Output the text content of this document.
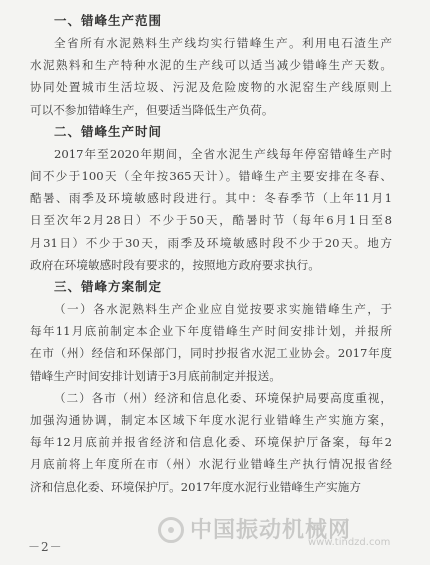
一、错峰生产范围
全省所有水泥熟料生产线均实行错峰生产。利用电石渣生产
水泥熟料和生产特种水泥的生产线可以适当减少错峰生产天数。
协同处置城市生活垃圾、污泥及危险废物的水泥窑生产线原则上
可以不参加错峰生产，但要适当降低生产负荷。
二、错峰生产时间
2017年至2020年期间，全省水泥生产线每年停窑错峰生产时
间不少于100天（全年按365天计）。错峰生产主要安排在冬春、
酷暑、雨季及环境敏感时段进行。其中：冬春季节（上年11月1
日至次年2月28日）不少于50天，酷暑时节（每年6月1日至8
月31日）不少于30天，雨季及环境敏感时段不少于20天。地方
政府在环境敏感时段有要求的，按照地方政府要求执行。
三、错峰方案制定
（一）各水泥熟料生产企业应自觉按要求实施错峰生产，于
每年11月底前制定本企业下年度错峰生产时间安排计划，并报所
在市（州）经信和环保部门，同时抄报省水泥工业协会。2017年度
错峰生产时间安排计划请于3月底前制定并报送。
（二）各市（州）经济和信息化委、环境保护局要高度重视，
加强沟通协调，制定本区域下年度水泥行业错峰生产实施方案，
每年12月底前并报省经济和信息化委、环境保护厅备案，每年2
月底前将上年度所在市（州）水泥行业错峰生产执行情况报省经
济和信息化委、环境保护厅。2017年度水泥行业错峰生产实施方
－2－
中国振动机械网
www.tindzd.com
